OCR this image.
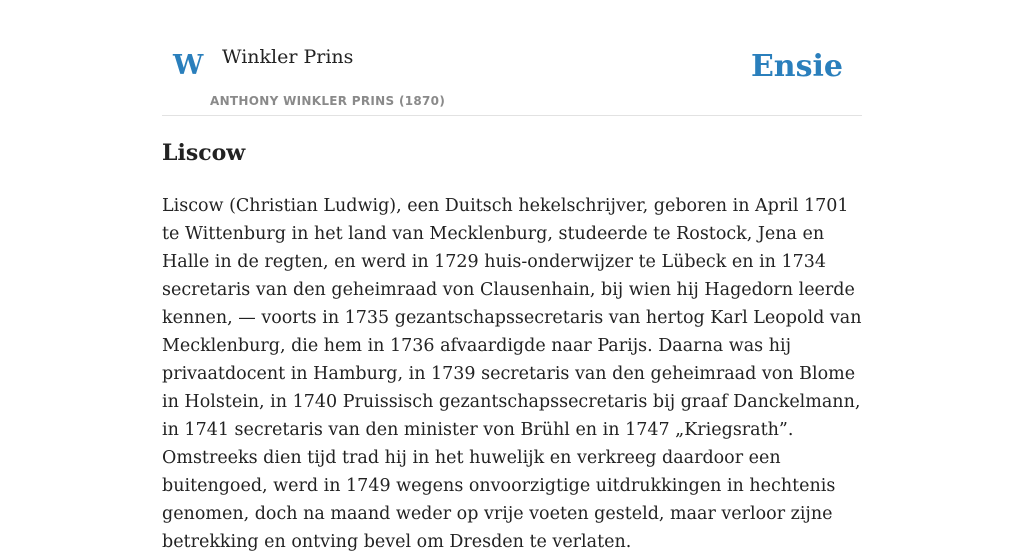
W Winkler Prins
ANTHONY WINKLER PRINS (1870)
Ensie
Liscow

Liscow (Christian Ludwig), een Duitsch hekelschrijver, geboren in April 1701 te Wittenburg in het land van Mecklenburg, studeerde te Rostock, Jena en Halle in de regten, en werd in 1729 huis-onderwijzer te Lübeck en in 1734 secretaris van den geheimraad von Clausenhain, bij wien hij Hagedorn leerde kennen, — voorts in 1735 gezantschapssecretaris van hertog Karl Leopold van Mecklenburg, die hem in 1736 afvaardigde naar Parijs. Daarna was hij privaatdocent in Hamburg, in 1739 secretaris van den geheimraad von Blome in Holstein, in 1740 Pruissisch gezantschapssecretaris bij graaf Danckelmann, in 1741 secretaris van den minister von Brühl en in 1747 „Kriegsrath”. Omstreeks dien tijd trad hij in het huwelijk en verkreeg daardoor een buitengoed, werd in 1749 wegens onvoorzigtige uitdrukkingen in hechtenis genomen, doch na maand weder op vrije voeten gesteld, maar verloor zijne betrekking en ontving bevel om Dresden te verlaten.
